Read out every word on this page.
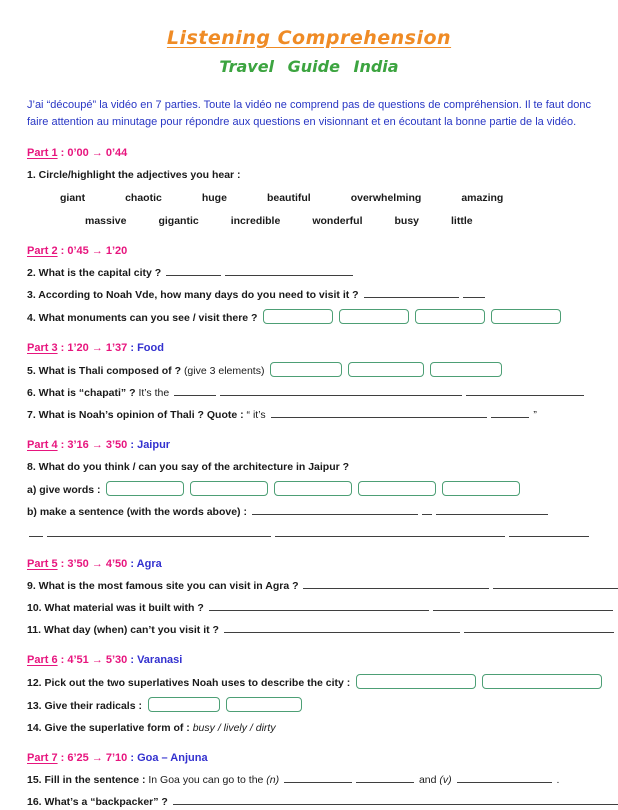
Listening Comprehension
Travel Guide India
J’ai “découpé” la vidéo en 7 parties. Toute la vidéo ne comprend pas de questions de compréhension. Il te faut donc faire attention au minutage pour répondre aux questions en visionnant et en écoutant la bonne partie de la vidéo.
Part 1 : 0’00 → 0’44
1. Circle/highlight the adjectives you hear :
giant	chaotic	huge	beautiful	overwhelming	amazing
massive	gigantic	incredible	wonderful	busy	little
Part 2 : 0’45 → 1’20
2. What is the capital city ?
3. According to Noah Vde, how many days do you need to visit it ?
4. What monuments can you see / visit there ?
Part 3 : 1’20 → 1’37 : Food
5. What is Thali composed of ? (give 3 elements)
6. What is “chapati” ? It’s the
7. What is Noah’s opinion of Thali ? Quote : “ it’s	”
Part 4 : 3’16 → 3’50 : Jaipur
8. What do you think / can you say of the architecture in Jaipur ?
a) give words :
b) make a sentence (with the words above) :
Part 5 : 3’50 → 4’50 : Agra
9. What is the most famous site you can visit in Agra ?
10. What material was it built with ?
11. What day (when) can’t you visit it ?
Part 6 : 4’51 → 5’30 : Varanasi
12. Pick out the two superlatives Noah uses to describe the city :
13. Give their radicals :
14. Give the superlative form of : busy / lively / dirty
Part 7 : 6’25 → 7’10 : Goa – Anjuna
15. Fill in the sentence : In Goa you can go to the (n)	and (v)	.
16. What’s a “backpacker” ?
